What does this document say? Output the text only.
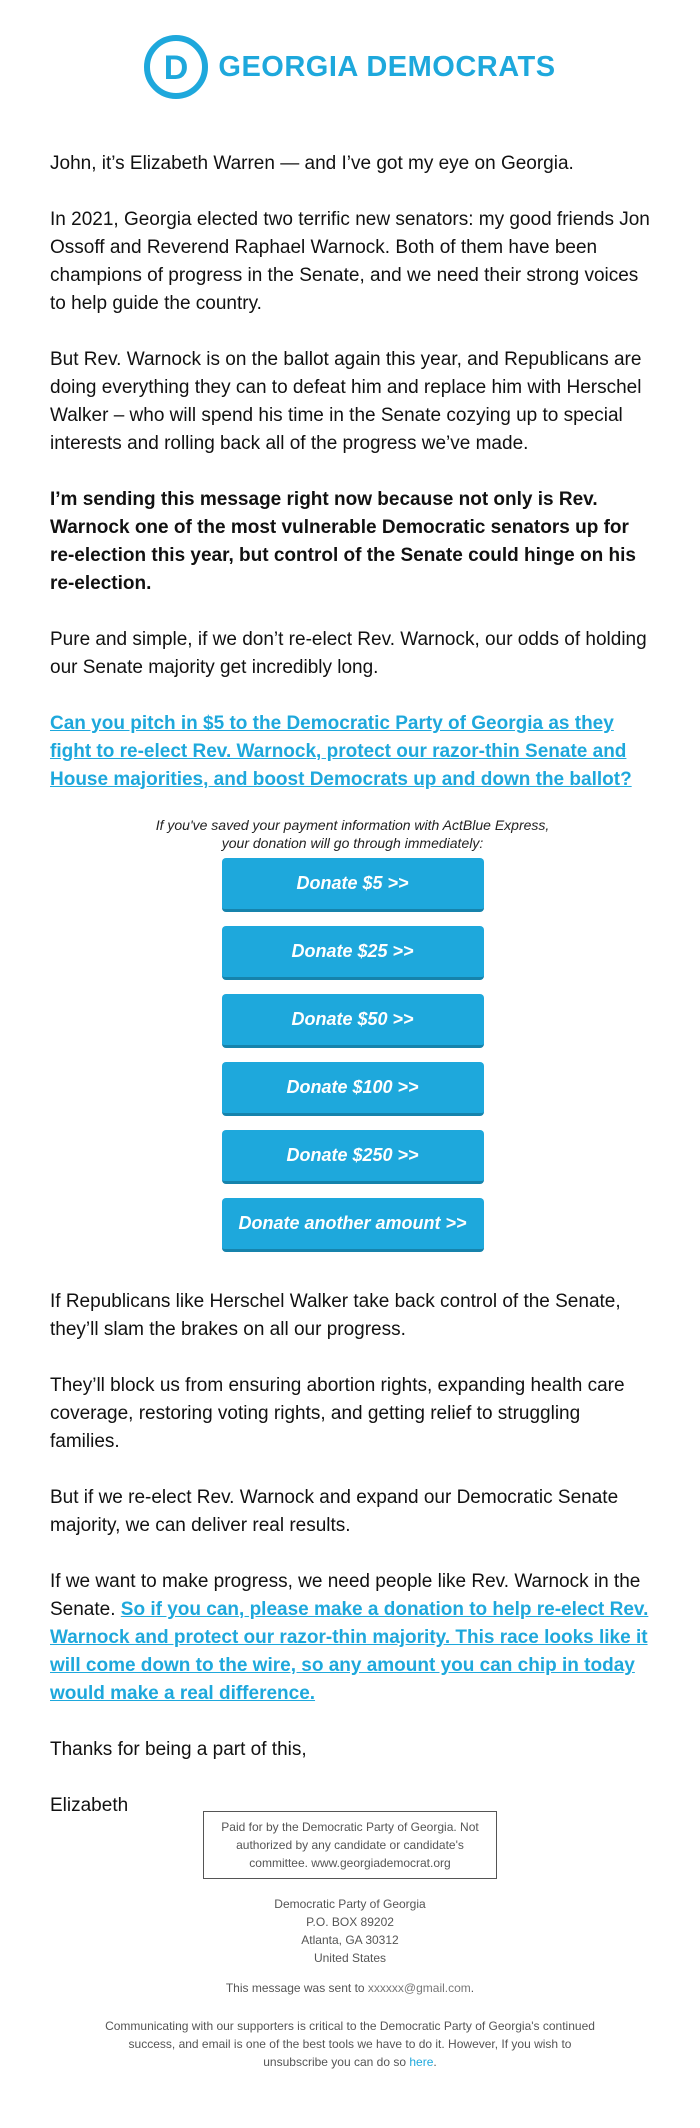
D GEORGIA DEMOCRATS

John, it’s Elizabeth Warren — and I’ve got my eye on Georgia.

In 2021, Georgia elected two terrific new senators: my good friends Jon Ossoff and Reverend Raphael Warnock. Both of them have been champions of progress in the Senate, and we need their strong voices to help guide the country.

But Rev. Warnock is on the ballot again this year, and Republicans are doing everything they can to defeat him and replace him with Herschel Walker – who will spend his time in the Senate cozying up to special interests and rolling back all of the progress we’ve made.

I’m sending this message right now because not only is Rev. Warnock one of the most vulnerable Democratic senators up for re-election this year, but control of the Senate could hinge on his re-election.

Pure and simple, if we don’t re-elect Rev. Warnock, our odds of holding our Senate majority get incredibly long.

Can you pitch in $5 to the Democratic Party of Georgia as they fight to re-elect Rev. Warnock, protect our razor-thin Senate and House majorities, and boost Democrats up and down the ballot?

If you've saved your payment information with ActBlue Express,
your donation will go through immediately:
Donate $5 >>
Donate $25 >>
Donate $50 >>
Donate $100 >>
Donate $250 >>
Donate another amount >>

If Republicans like Herschel Walker take back control of the Senate, they’ll slam the brakes on all our progress.

They’ll block us from ensuring abortion rights, expanding health care coverage, restoring voting rights, and getting relief to struggling families.

But if we re-elect Rev. Warnock and expand our Democratic Senate majority, we can deliver real results.

If we want to make progress, we need people like Rev. Warnock in the Senate. So if you can, please make a donation to help re-elect Rev. Warnock and protect our razor-thin majority. This race looks like it will come down to the wire, so any amount you can chip in today would make a real difference.

Thanks for being a part of this,

Elizabeth

Paid for by the Democratic Party of Georgia. Not authorized by any candidate or candidate's committee. www.georgiademocrat.org
Democratic Party of Georgia
P.O. BOX 89202
Atlanta, GA 30312
United States
This message was sent to xxxxxx@gmail.com.
Communicating with our supporters is critical to the Democratic Party of Georgia's continued success, and email is one of the best tools we have to do it. However, If you wish to unsubscribe you can do so here.
